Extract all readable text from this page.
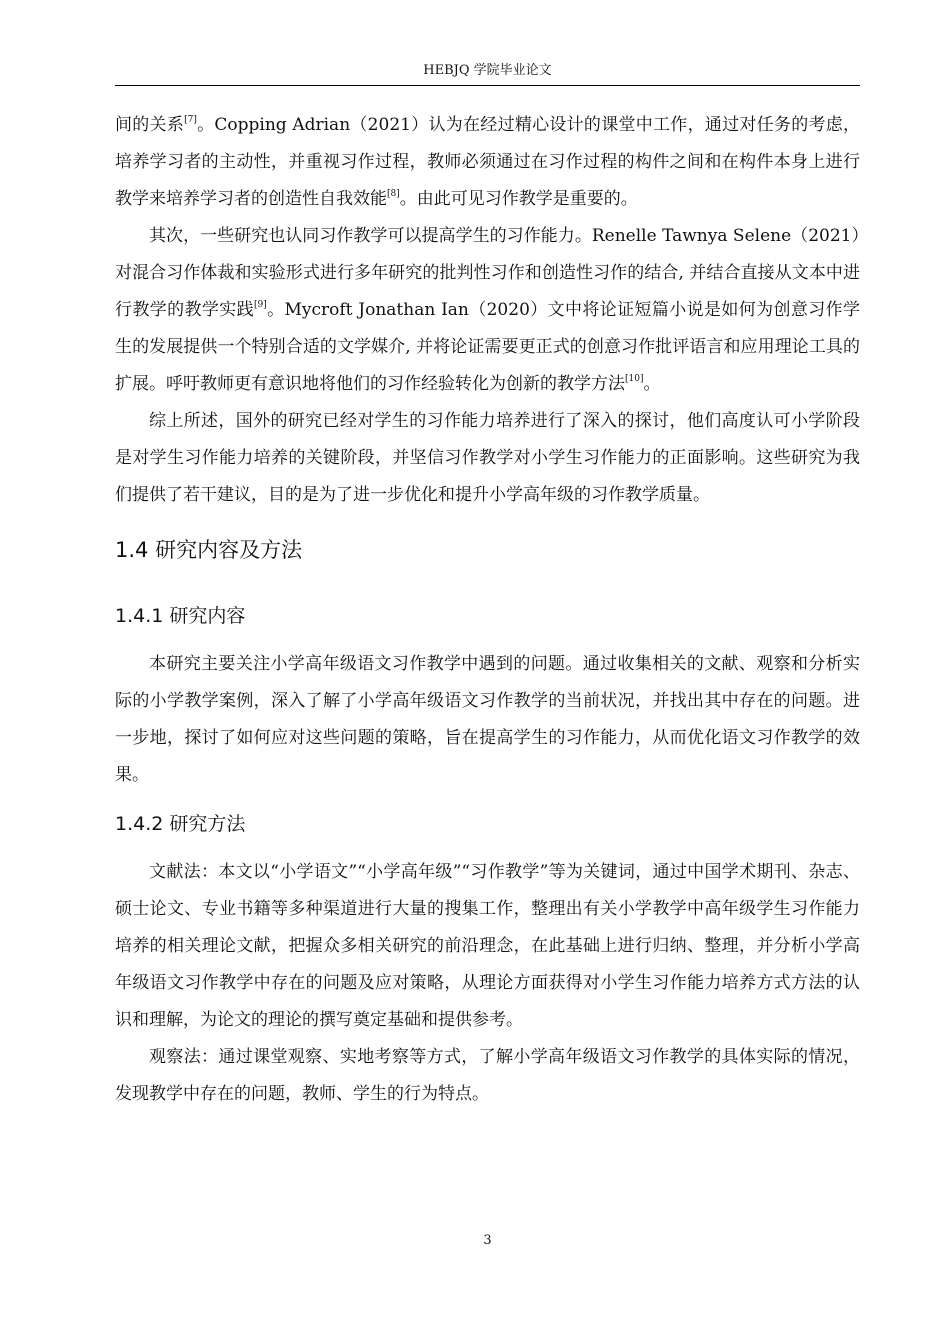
HEBJQ 学院毕业论文

间的关系[7]。Copping Adrian（2021）认为在经过精心设计的课堂中工作，通过对任务的考虑，培养学习者的主动性，并重视习作过程，教师必须通过在习作过程的构件之间和在构件本身上进行教学来培养学习者的创造性自我效能[8]。由此可见习作教学是重要的。

其次，一些研究也认同习作教学可以提高学生的习作能力。Renelle Tawnya Selene（2021）对混合习作体裁和实验形式进行多年研究的批判性习作和创造性习作的结合, 并结合直接从文本中进行教学的教学实践[9]。Mycroft Jonathan Ian（2020）文中将论证短篇小说是如何为创意习作学生的发展提供一个特别合适的文学媒介, 并将论证需要更正式的创意习作批评语言和应用理论工具的扩展。呼吁教师更有意识地将他们的习作经验转化为创新的教学方法[10]。

综上所述，国外的研究已经对学生的习作能力培养进行了深入的探讨，他们高度认可小学阶段是对学生习作能力培养的关键阶段，并坚信习作教学对小学生习作能力的正面影响。这些研究为我们提供了若干建议，目的是为了进一步优化和提升小学高年级的习作教学质量。

1.4 研究内容及方法
1.4.1 研究内容

本研究主要关注小学高年级语文习作教学中遇到的问题。通过收集相关的文献、观察和分析实际的小学教学案例，深入了解了小学高年级语文习作教学的当前状况，并找出其中存在的问题。进一步地，探讨了如何应对这些问题的策略，旨在提高学生的习作能力，从而优化语文习作教学的效果。

1.4.2 研究方法

文献法：本文以“小学语文”“小学高年级”“习作教学”等为关键词，通过中国学术期刊、杂志、硕士论文、专业书籍等多种渠道进行大量的搜集工作，整理出有关小学教学中高年级学生习作能力培养的相关理论文献，把握众多相关研究的前沿理念，在此基础上进行归纳、整理，并分析小学高年级语文习作教学中存在的问题及应对策略，从理论方面获得对小学生习作能力培养方式方法的认识和理解，为论文的理论的撰写奠定基础和提供参考。

观察法：通过课堂观察、实地考察等方式，了解小学高年级语文习作教学的具体实际的情况，发现教学中存在的问题，教师、学生的行为特点。

3
